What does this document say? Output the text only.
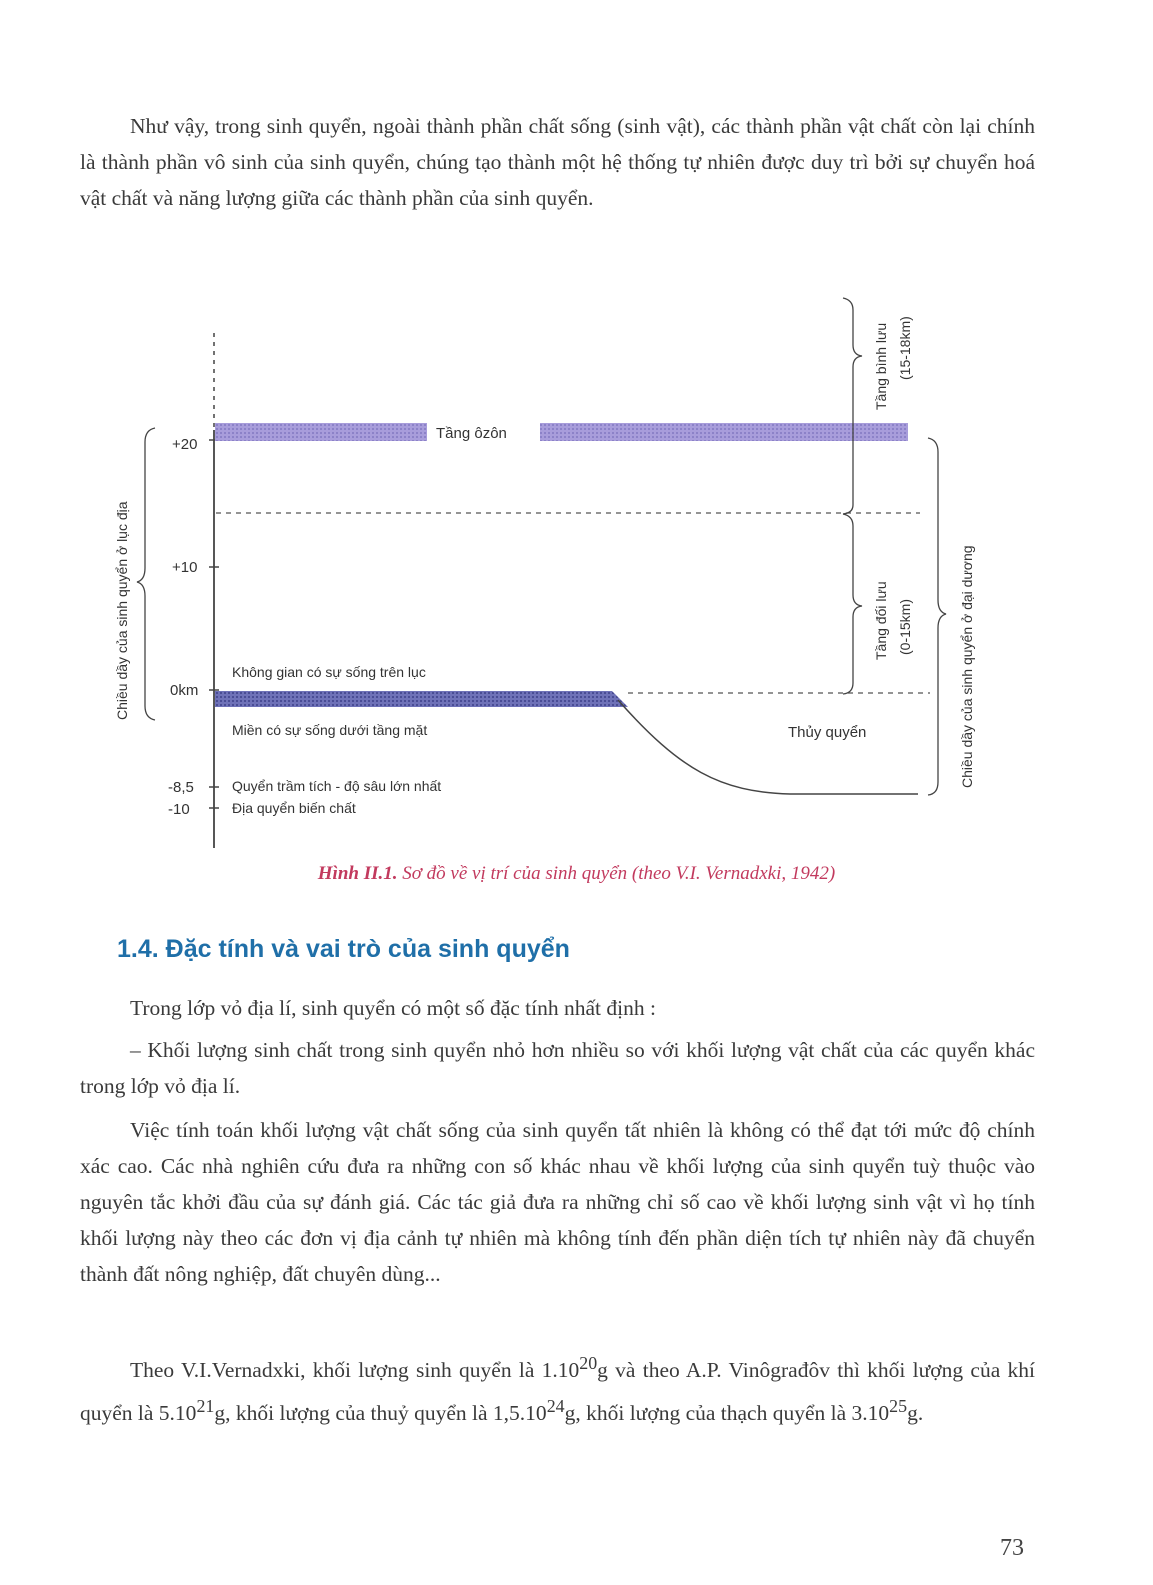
Như vậy, trong sinh quyển, ngoài thành phần chất sống (sinh vật), các thành phần vật chất còn lại chính là thành phần vô sinh của sinh quyển, chúng tạo thành một hệ thống tự nhiên được duy trì bởi sự chuyển hoá vật chất và năng lượng giữa các thành phần của sinh quyển.

+20
+10
0km
-8,5
-10
Tầng ôzôn
Không gian có sự sống trên lục
Miền có sự sống dưới tầng mặt	Thủy quyển
Quyển trầm tích - độ sâu lớn nhất
Địa quyển biến chất
Tầng bình lưu (15-18km)
Tầng đối lưu (0-15km)	Chiều dầy của sinh quyển ở đại dương
Chiều dầy của sinh quyển ở lục địa
Hình II.1. Sơ đồ về vị trí của sinh quyển (theo V.I. Vernadxki, 1942)
1.4. Đặc tính và vai trò của sinh quyển

Trong lớp vỏ địa lí, sinh quyển có một số đặc tính nhất định :

– Khối lượng sinh chất trong sinh quyển nhỏ hơn nhiều so với khối lượng vật chất của các quyển khác trong lớp vỏ địa lí.

Việc tính toán khối lượng vật chất sống của sinh quyển tất nhiên là không có thể đạt tới mức độ chính xác cao. Các nhà nghiên cứu đưa ra những con số khác nhau về khối lượng của sinh quyển tuỳ thuộc vào nguyên tắc khởi đầu của sự đánh giá. Các tác giả đưa ra những chỉ số cao về khối lượng sinh vật vì họ tính khối lượng này theo các đơn vị địa cảnh tự nhiên mà không tính đến phần diện tích tự nhiên này đã chuyển thành đất nông nghiệp, đất chuyên dùng...

Theo V.I.Vernadxki, khối lượng sinh quyển là 1.10$^{20}$g và theo A.P. Vinôgrađôv thì khối lượng của khí quyển là 5.10$^{21}$g, khối lượng của thuỷ quyển là 1,5.10$^{24}$g, khối lượng của thạch quyển là 3.10$^{25}$g.

73
